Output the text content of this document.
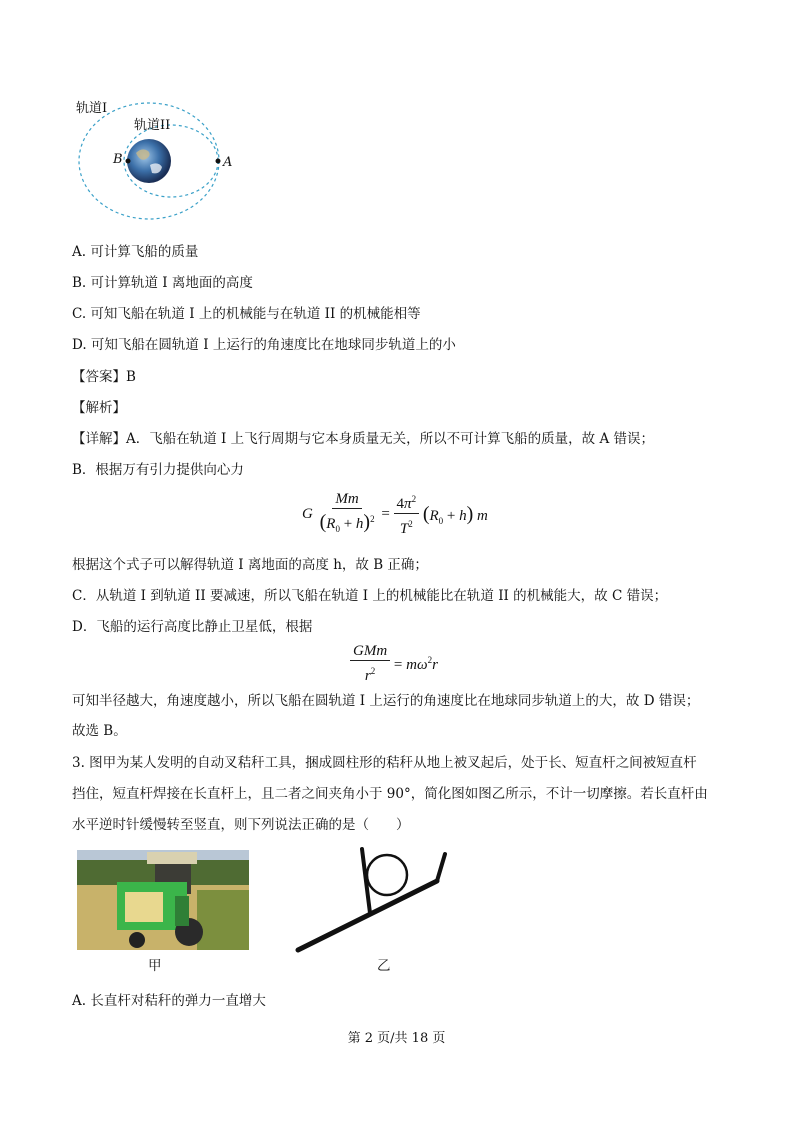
轨道I
轨道II
B	A
A. 可计算飞船的质量
B. 可计算轨道 I 离地面的高度
C. 可知飞船在轨道 I 上的机械能与在轨道 II 的机械能相等
D. 可知飞船在圆轨道 I 上运行的角速度比在地球同步轨道上的小
【答案】B
【解析】
【详解】A．飞船在轨道 I 上飞行周期与它本身质量无关，所以不可计算飞船的质量，故 A 错误；
B．根据万有引力提供向心力
G $\frac{Mm}{(R_0 + h)^2} = \frac{4\pi^2}{T^2} (R_0 + h)$ m
根据这个式子可以解得轨道 I 离地面的高度 h，故 B 正确；
C．从轨道 I 到轨道 II 要减速，所以飞船在轨道 I 上的机械能比在轨道 II 的机械能大，故 C 错误；
D．飞船的运行高度比静止卫星低，根据
$\frac{\text{GMm}}{r^2} = m\omega^2r$
可知半径越大，角速度越小，所以飞船在圆轨道 I 上运行的角速度比在地球同步轨道上的大，故 D 错误；
故选 B。
3. 图甲为某人发明的自动叉秸秆工具，捆成圆柱形的秸秆从地上被叉起后，处于长、短直杆之间被短直杆
挡住，短直杆焊接在长直杆上，且二者之间夹角小于 90°，简化图如图乙所示，不计一切摩擦。若长直杆由
水平逆时针缓慢转至竖直，则下列说法正确的是（　　）
甲	乙
A. 长直杆对秸秆的弹力一直增大
第 2 页/共 18 页
